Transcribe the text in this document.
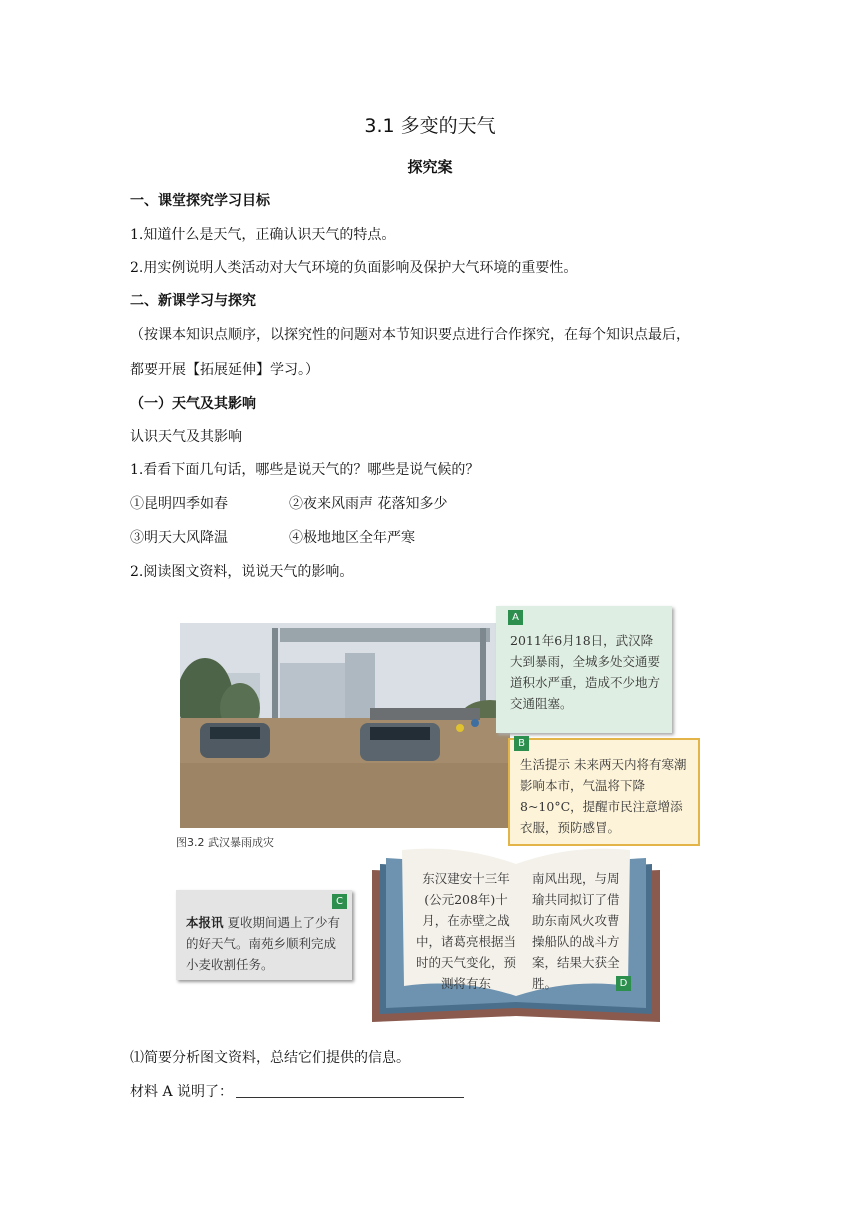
3.1 多变的天气
探究案
一、课堂探究学习目标
1.知道什么是天气，正确认识天气的特点。
2.用实例说明人类活动对大气环境的负面影响及保护大气环境的重要性。
二、新课学习与探究
（按课本知识点顺序，以探究性的问题对本节知识要点进行合作探究，在每个知识点最后，
都要开展【拓展延伸】学习。）
（一）天气及其影响
认识天气及其影响
1.看看下面几句话，哪些是说天气的？哪些是说气候的？
①昆明四季如春	②夜来风雨声 花落知多少
③明天大风降温	④极地地区全年严寒
2.阅读图文资料，说说天气的影响。
图3.2 武汉暴雨成灾
A
2011年6月18日，武汉降大到暴雨，全城多处交通要道积水严重，造成不少地方交通阻塞。
B
生活提示 未来两天内将有寒潮影响本市，气温将下降8~10°C，提醒市民注意增添衣服，预防感冒。
C
本报讯 夏收期间遇上了少有的好天气。南苑乡顺利完成小麦收割任务。
东汉建安十三年(公元208年)十月，在赤壁之战中，诸葛亮根据当时的天气变化，预测将有东
南风出现，与周瑜共同拟订了借助东南风火攻曹操船队的战斗方案，结果大获全胜。	D
⑴简要分析图文资料，总结它们提供的信息。
材料 A 说明了：
